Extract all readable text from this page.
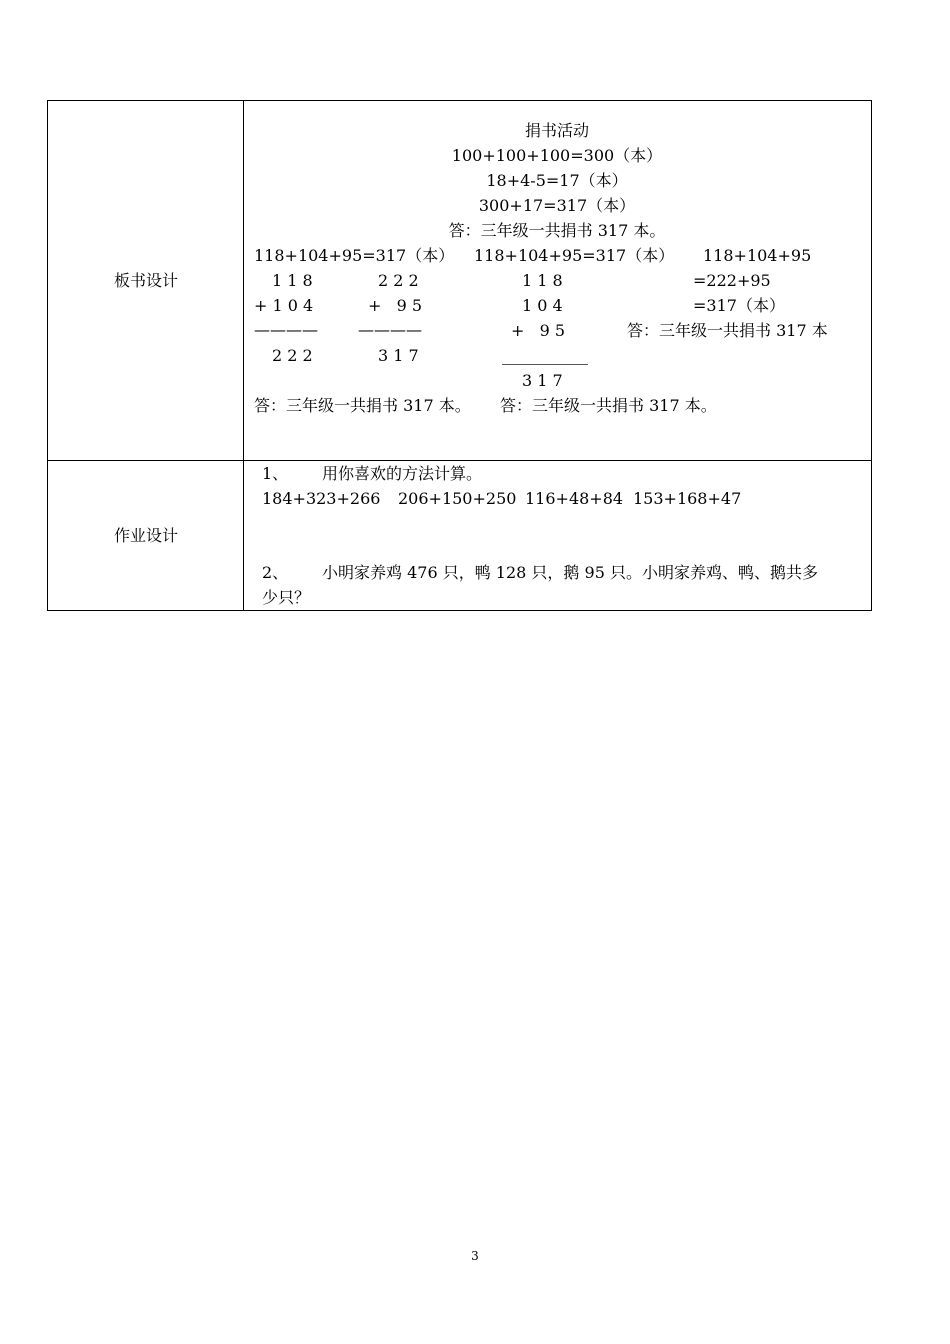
板书设计
捐书活动
100+100+100=300（本）
18+4-5=17（本）
300+17=317（本）
答：三年级一共捐书 317 本。
118+104+95=317（本）
1 1 8
+ 1 0 4
————
2 2 2
2 2 2
+   9 5
————
3 1 7
答：三年级一共捐书 317 本。
118+104+95=317（本）
1 1 8
1 0 4
+   9 5
3 1 7
答：三年级一共捐书 317 本。
118+104+95
=222+95
=317（本）
答：三年级一共捐书 317 本
作业设计
1、 用你喜欢的方法计算。
184+323+266 206+150+250 116+48+84 153+168+47
2、 小明家养鸡 476 只，鸭 128 只，鹅 95 只。小明家养鸡、鸭、鹅共多
少只？
3
